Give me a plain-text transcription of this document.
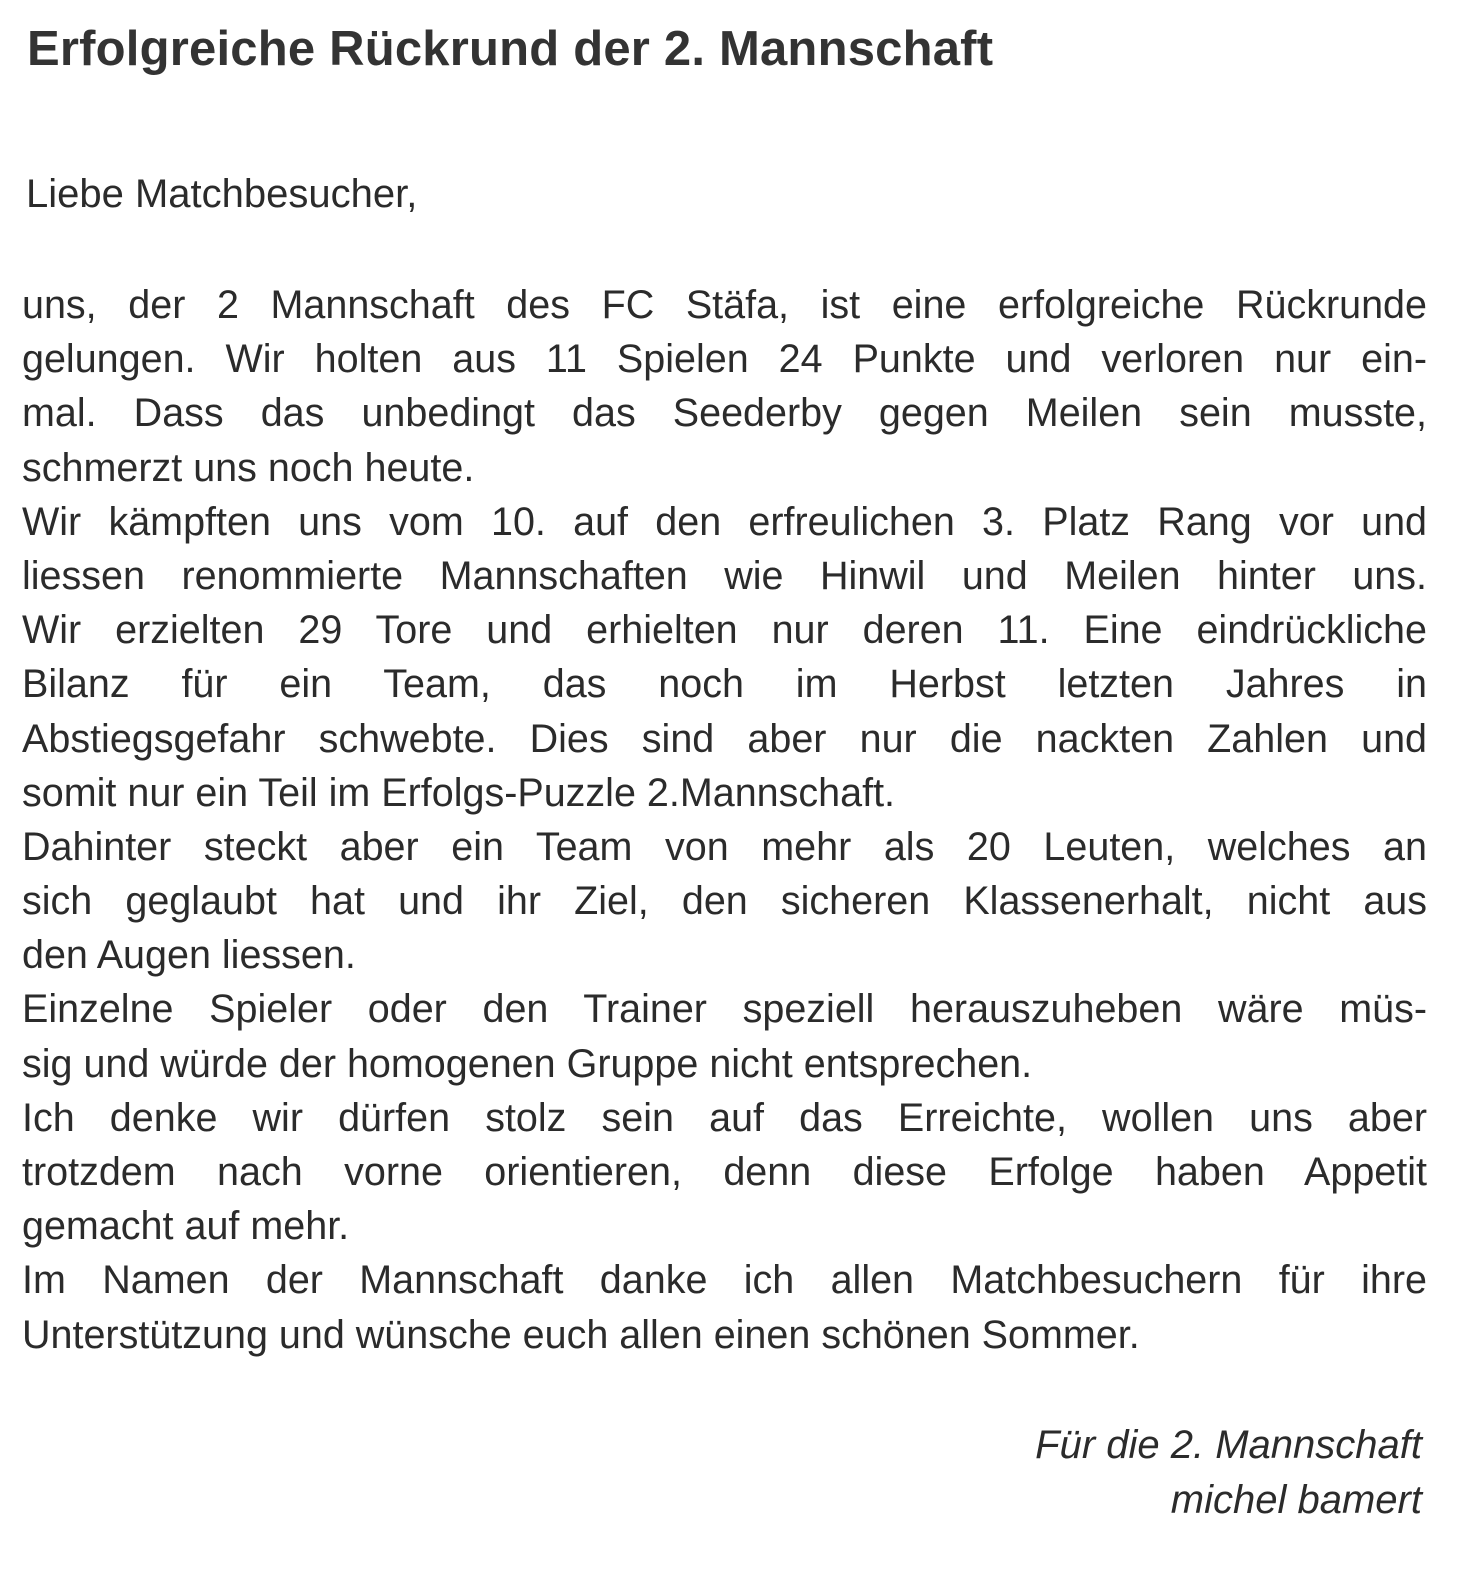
Erfolgreiche Rückrund der 2. Mannschaft

Liebe Matchbesucher,

uns, der 2 Mannschaft des FC Stäfa, ist eine erfolgreiche Rückrunde
gelungen. Wir holten aus 11 Spielen 24 Punkte und verloren nur ein-
mal. Dass das unbedingt das Seederby gegen Meilen sein musste,
schmerzt uns noch heute.
Wir kämpften uns vom 10. auf den erfreulichen 3. Platz Rang vor und
liessen renommierte Mannschaften wie Hinwil und Meilen hinter uns.
Wir erzielten 29 Tore und erhielten nur deren 11. Eine eindrückliche
Bilanz für ein Team, das noch im Herbst letzten Jahres in
Abstiegsgefahr schwebte. Dies sind aber nur die nackten Zahlen und
somit nur ein Teil im Erfolgs-Puzzle 2.Mannschaft.
Dahinter steckt aber ein Team von mehr als 20 Leuten, welches an
sich geglaubt hat und ihr Ziel, den sicheren Klassenerhalt, nicht aus
den Augen liessen.
Einzelne Spieler oder den Trainer speziell herauszuheben wäre müs-
sig und würde der homogenen Gruppe nicht entsprechen.
Ich denke wir dürfen stolz sein auf das Erreichte, wollen uns aber
trotzdem nach vorne orientieren, denn diese Erfolge haben Appetit
gemacht auf mehr.
Im Namen der Mannschaft danke ich allen Matchbesuchern für ihre
Unterstützung und wünsche euch allen einen schönen Sommer.
Für die 2. Mannschaft
michel bamert
